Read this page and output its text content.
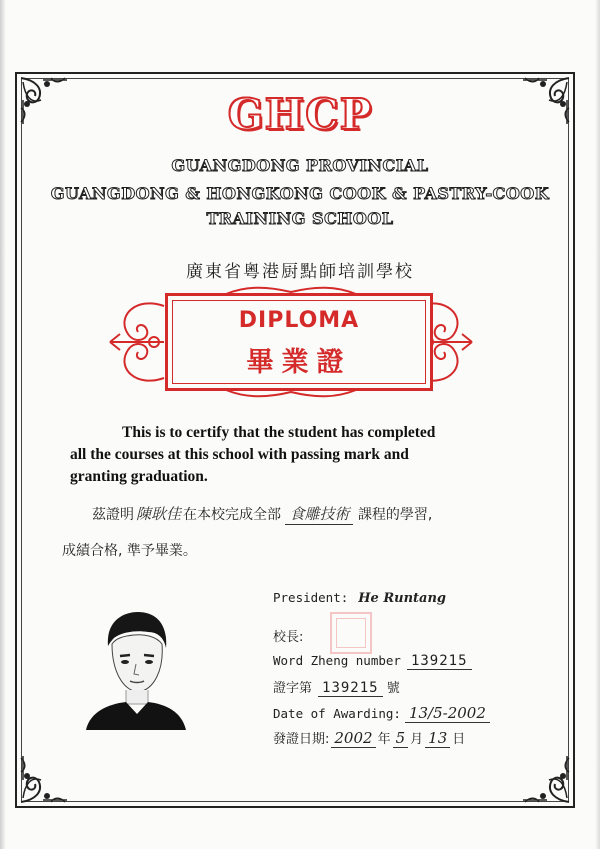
GHCP
GUANGDONG PROVINCIAL
GUANGDONG & HONGKONG COOK & PASTRY-COOK
TRAINING SCHOOL
廣東省粵港厨點師培訓學校
DIPLOMA
畢業證
This is to certify that the student has completed
all the courses at this school with passing mark and
granting graduation.
茲證明 陳耿佳 在本校完成全部 食雕技術 課程的學習,
成績合格, 準予畢業。
President: He Runtang
校長:
Word Zheng number 139215
證字第 139215 號
Date of Awarding: 13/5-2002
發證日期: 2002 年 5 月 13 日
